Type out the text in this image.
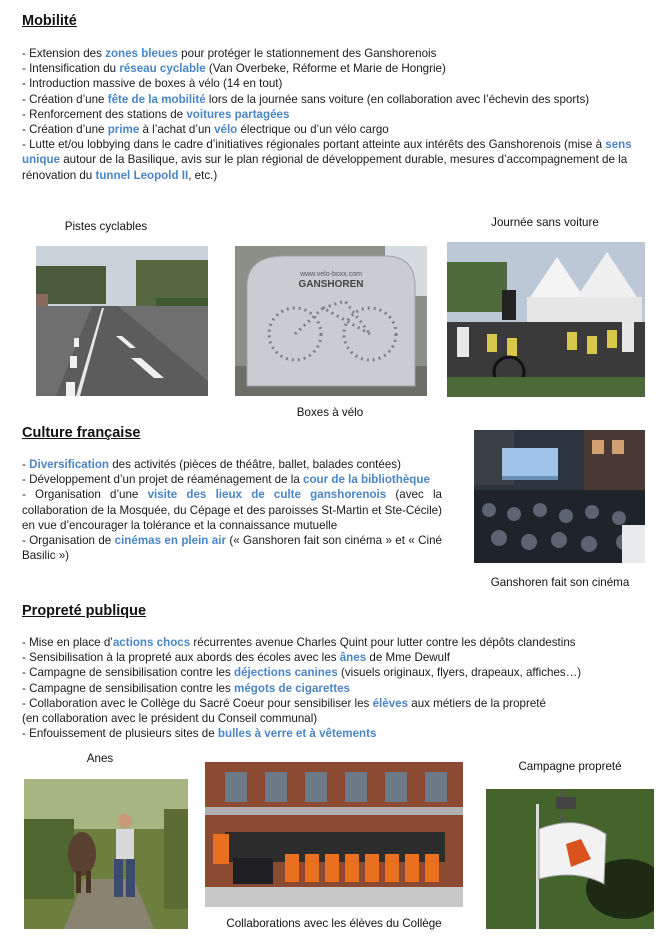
Mobilité
- Extension des zones bleues pour protéger le stationnement des Ganshorenois
- Intensification du réseau cyclable (Van Overbeke, Réforme et Marie de Hongrie)
- Introduction massive de boxes à vélo (14 en tout)
- Création d’une fête de la mobilité lors de la journée sans voiture (en collaboration avec l’échevin des sports)
- Renforcement des stations de voitures partagées
- Création d’une prime à l’achat d’un vélo électrique ou d’un vélo cargo
- Lutte et/ou lobbying dans le cadre d’initiatives régionales portant atteinte aux intérêts des Ganshorenois (mise à sens unique autour de la Basilique, avis sur le plan régional de développement durable, mesures d’accompagnement de la rénovation du tunnel Leopold II, etc.)
Pistes cyclables	Journée sans voiture
www.velo-boxx.com
GANSHOREN
Boxes à vélo
Culture française
- Diversification des activités (pièces de théâtre, ballet, balades contées)
- Développement d’un projet de réaménagement de la cour de la bibliothèque
- Organisation d’une visite des lieux de culte ganshorenois (avec la collaboration de la Mosquée, du Cépage et des paroisses St-Martin et Ste-Cécile) en vue d’encourager la tolérance et la connaissance mutuelle
- Organisation de cinémas en plein air (« Ganshoren fait son cinéma » et « Ciné Basilic »)
Ganshoren fait son cinéma
Propreté publique
- Mise en place d’actions chocs récurrentes avenue Charles Quint pour lutter contre les dépôts clandestins
- Sensibilisation à la propreté aux abords des écoles avec les ânes de Mme Dewulf
- Campagne de sensibilisation contre les déjections canines (visuels originaux, flyers, drapeaux, affiches…)
- Campagne de sensibilisation contre les mégots de cigarettes
- Collaboration avec le Collège du Sacré Coeur pour sensibiliser les élèves aux métiers de la propreté
(en collaboration avec le président du Conseil communal)
- Enfouissement de plusieurs sites de bulles à verre et à vêtements
Anes
Campagne propreté
Collaborations avec les élèves du Collège
